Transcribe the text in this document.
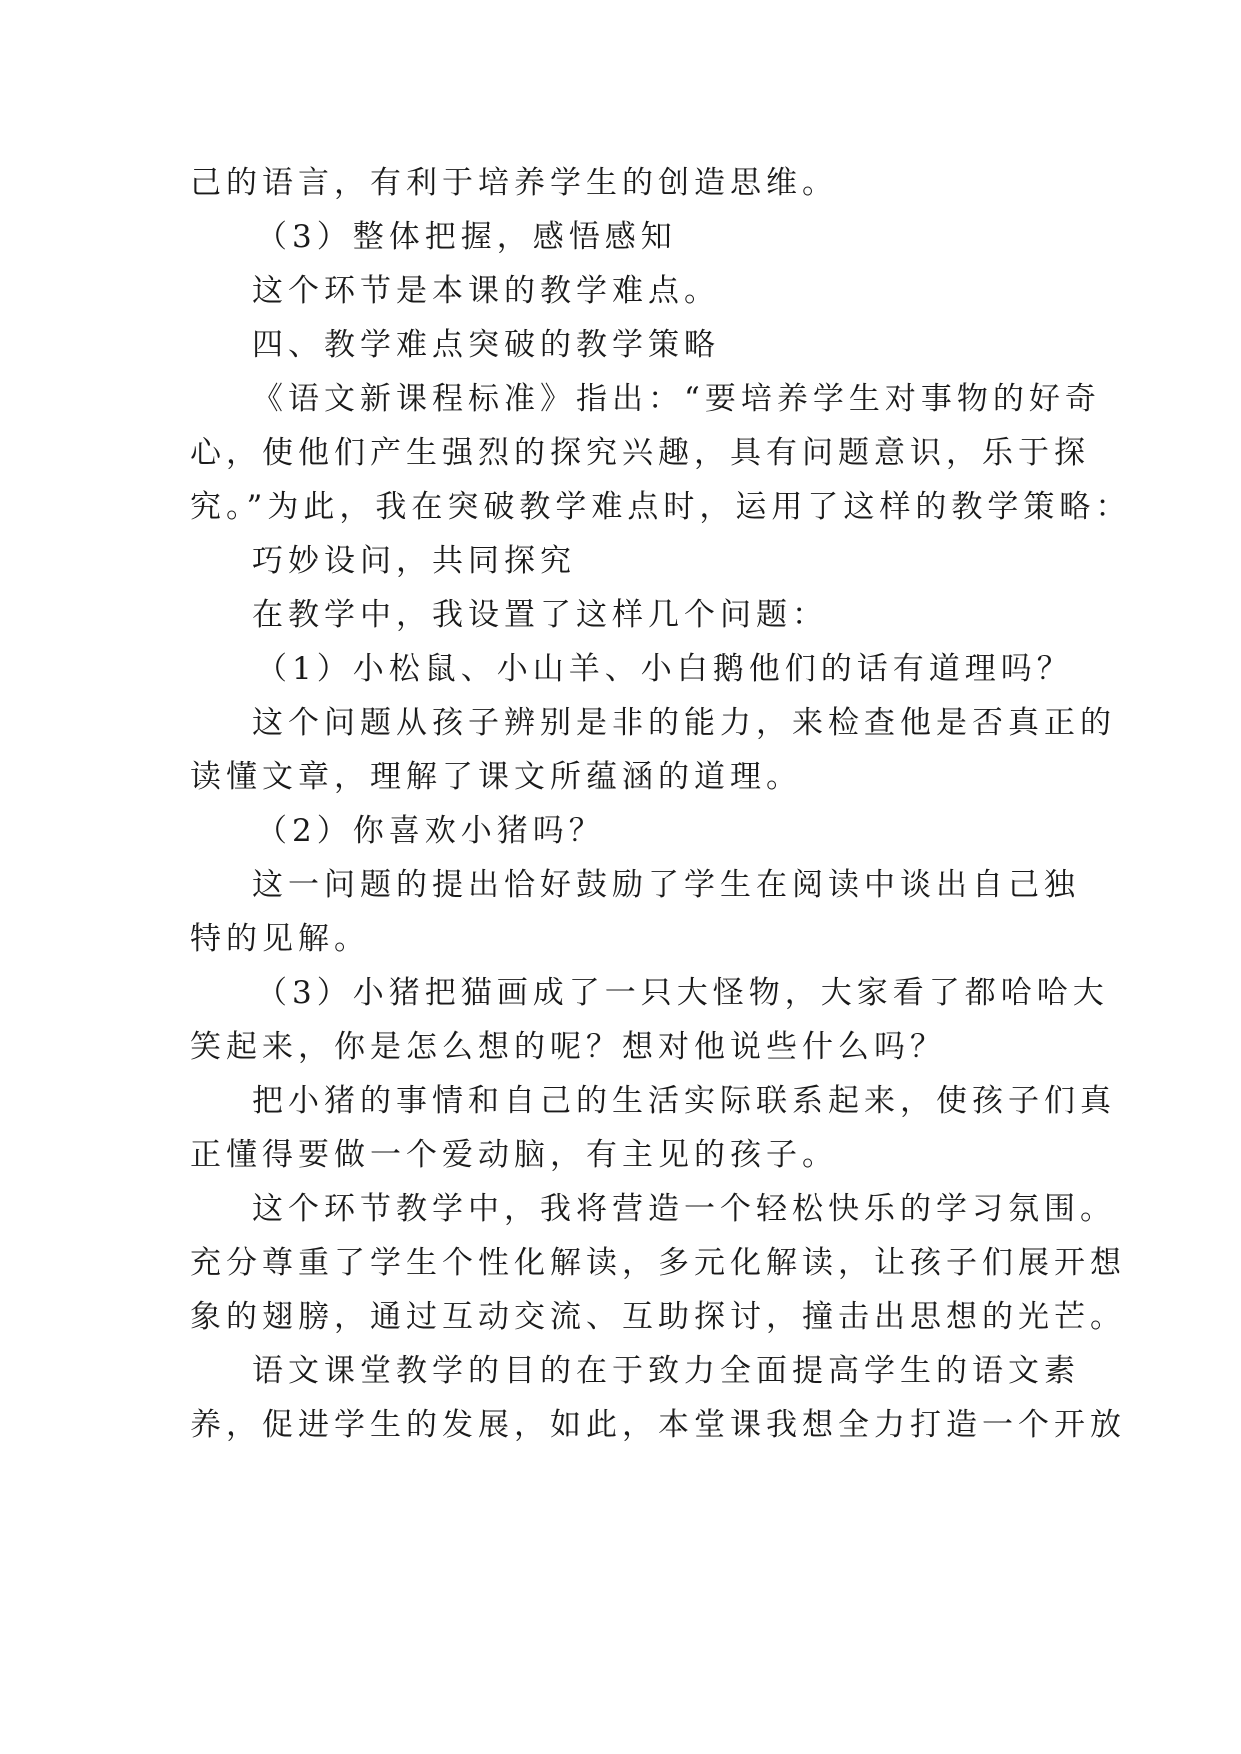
己的语言，有利于培养学生的创造思维。

（3）整体把握，感悟感知

这个环节是本课的教学难点。

四、教学难点突破的教学策略

《语文新课程标准》指出：“要培养学生对事物的好奇

心，使他们产生强烈的探究兴趣，具有问题意识，乐于探

究。”为此，我在突破教学难点时，运用了这样的教学策略：

巧妙设问，共同探究

在教学中，我设置了这样几个问题：

（1）小松鼠、小山羊、小白鹅他们的话有道理吗？

这个问题从孩子辨别是非的能力，来检查他是否真正的

读懂文章，理解了课文所蕴涵的道理。

（2）你喜欢小猪吗？

这一问题的提出恰好鼓励了学生在阅读中谈出自己独

特的见解。

（3）小猪把猫画成了一只大怪物，大家看了都哈哈大

笑起来，你是怎么想的呢？想对他说些什么吗？

把小猪的事情和自己的生活实际联系起来，使孩子们真

正懂得要做一个爱动脑，有主见的孩子。

这个环节教学中，我将营造一个轻松快乐的学习氛围。

充分尊重了学生个性化解读，多元化解读，让孩子们展开想

象的翅膀，通过互动交流、互助探讨，撞击出思想的光芒。

语文课堂教学的目的在于致力全面提高学生的语文素

养，促进学生的发展，如此，本堂课我想全力打造一个开放
